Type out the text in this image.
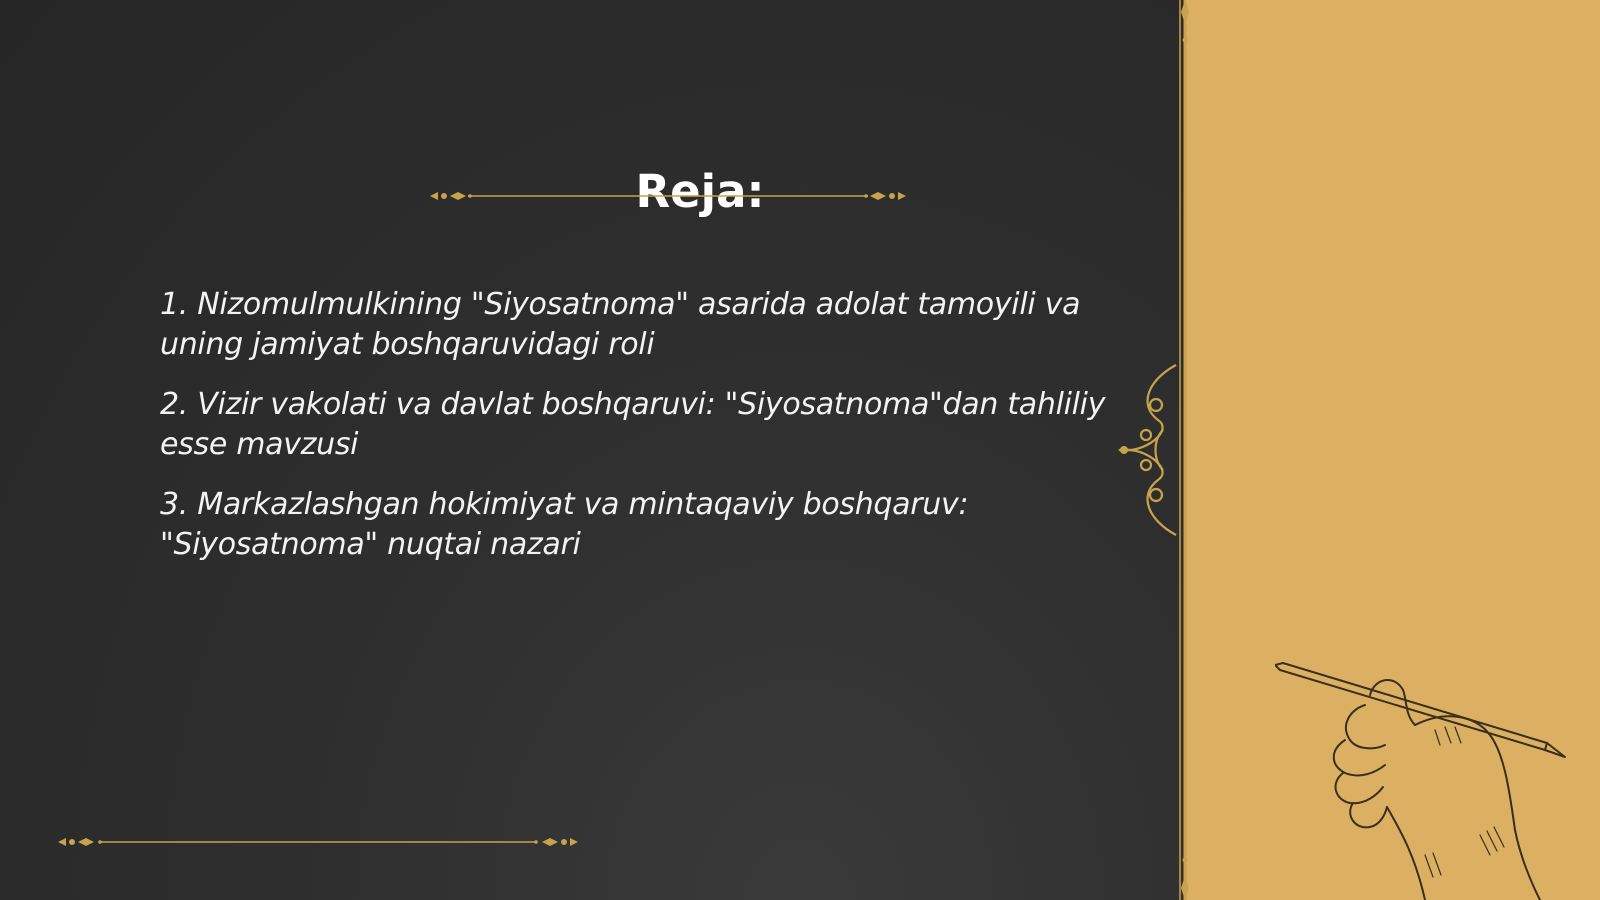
Reja:
1. Nizomulmulkining "Siyosatnoma" asarida adolat tamoyili va uning jamiyat boshqaruvidagi roli
2. Vizir vakolati va davlat boshqaruvi: "Siyosatnoma"dan tahliliy esse mavzusi
3. Markazlashgan hokimiyat va mintaqaviy boshqaruv: "Siyosatnoma" nuqtai nazari
